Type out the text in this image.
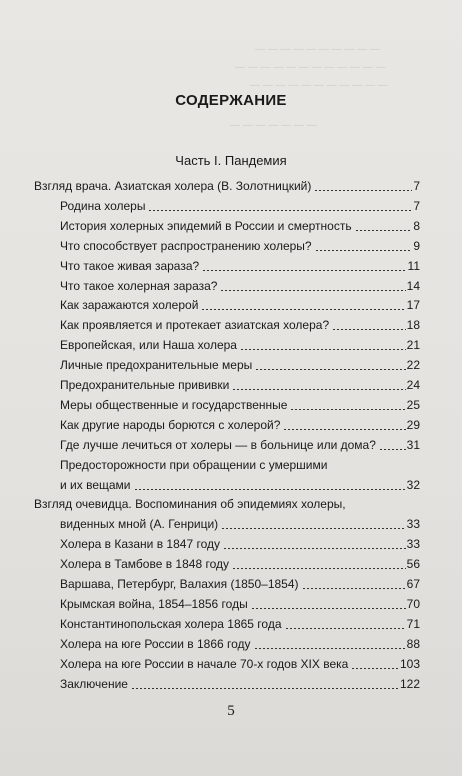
— — — — — — — — — —
— — — — — — — — — — — —
— — — — — — — — — — —
— — — — — — —
СОДЕРЖАНИЕ
Часть I. Пандемия
Взгляд врача. Азиатская холера (В. Золотницкий)	7
Родина холеры	7
История холерных эпидемий в России и смертность	8
Что способствует распространению холеры?	9
Что такое живая зараза?	11
Что такое холерная зараза?	14
Как заражаются холерой	17
Как проявляется и протекает азиатская холера?	18
Европейская, или Наша холера	21
Личные предохранительные меры	22
Предохранительные прививки	24
Меры общественные и государственные	25
Как другие народы борются с холерой?	29
Где лучше лечиться от холеры — в больнице или дома?	31
Предосторожности при обращении с умершими
и их вещами	32
Взгляд очевидца. Воспоминания об эпидемиях холеры,
виденных мной (А. Генрици)	33
Холера в Казани в 1847 году	33
Холера в Тамбове в 1848 году	56
Варшава, Петербург, Валахия (1850–1854)	67
Крымская война, 1854–1856 годы	70
Константинопольская холера 1865 года	71
Холера на юге России в 1866 году	88
Холера на юге России в начале 70-х годов XIX века	103
Заключение	122
5
